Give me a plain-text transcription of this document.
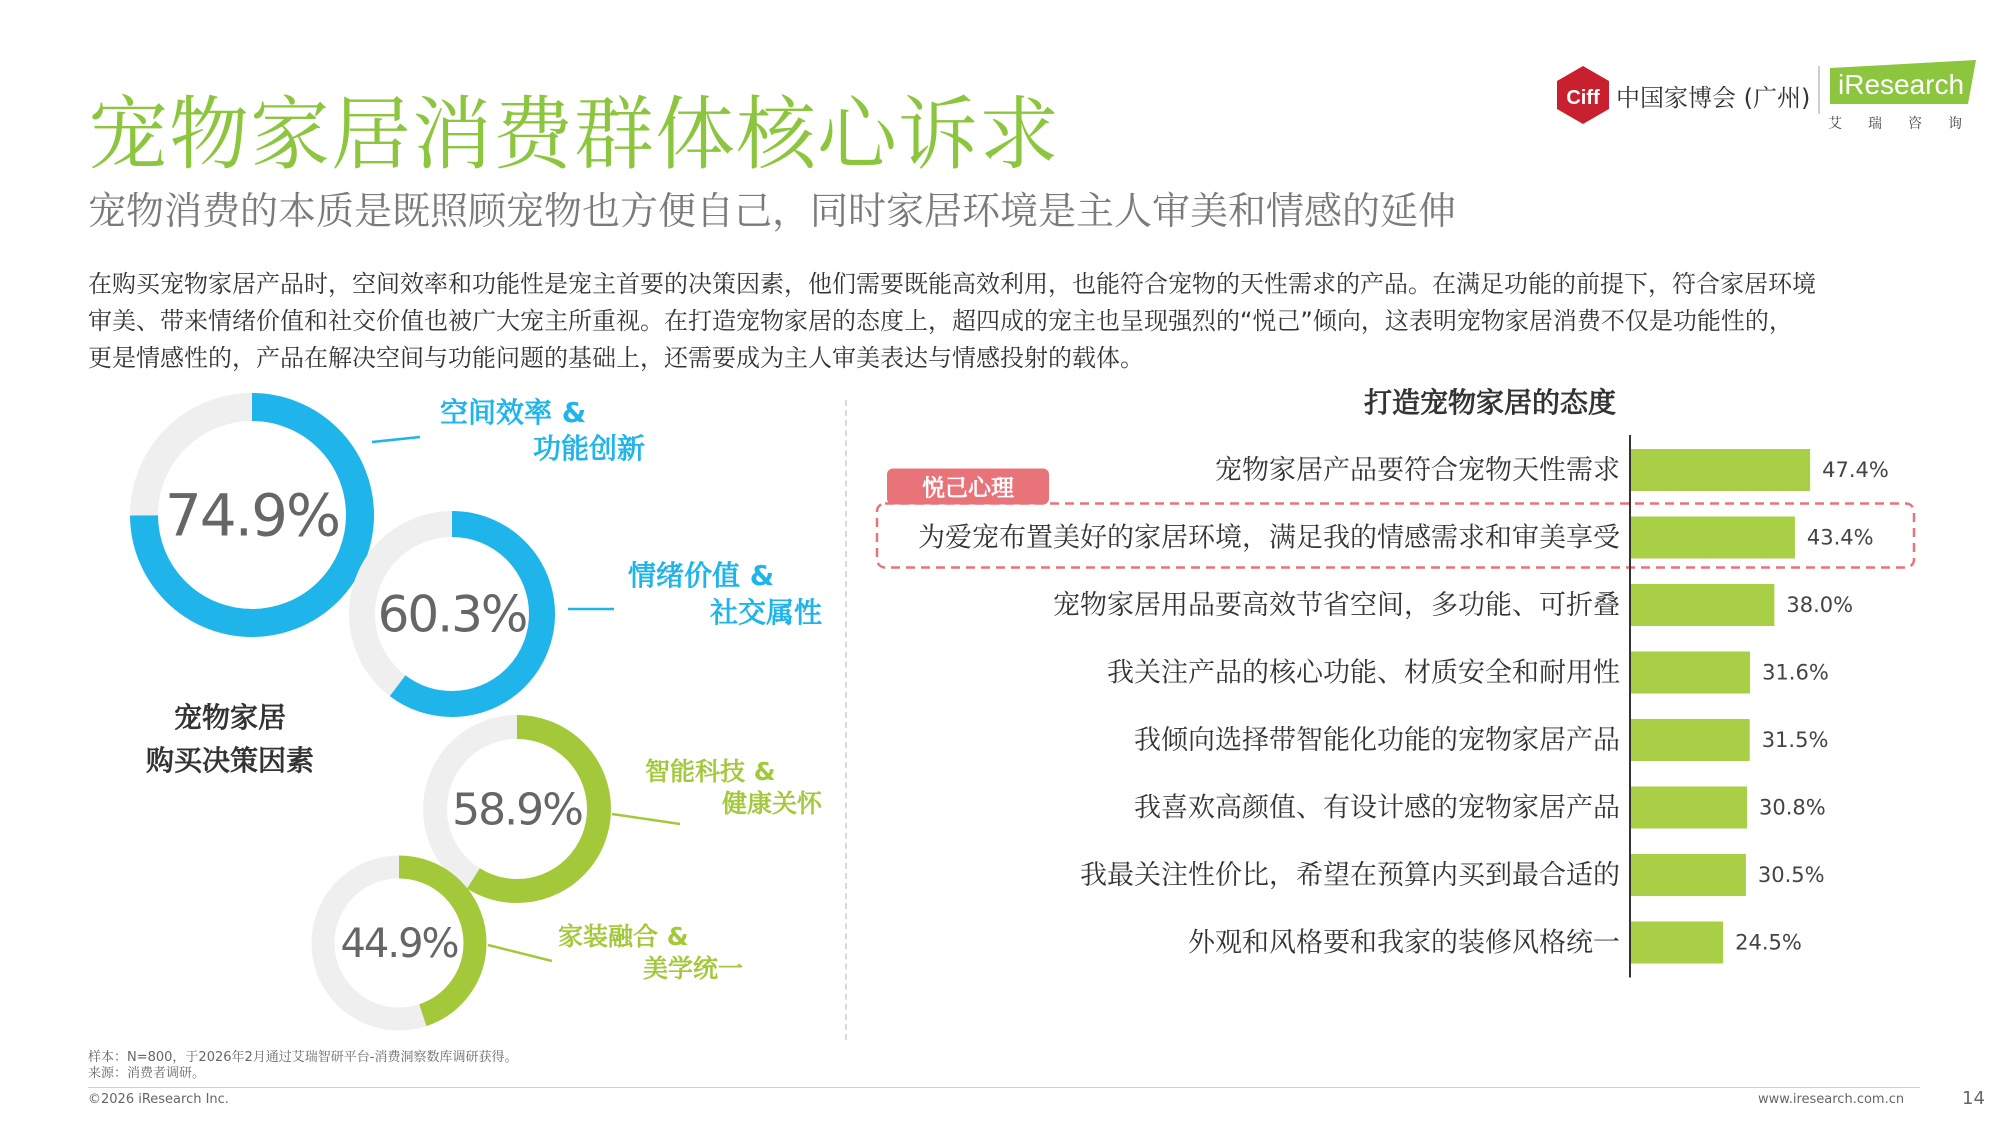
宠物家居消费群体核心诉求
宠物消费的本质是既照顾宠物也方便自己，同时家居环境是主人审美和情感的延伸
Ciff 中国家博会 (广州) iResearch
艾瑞咨询
在购买宠物家居产品时，空间效率和功能性是宠主首要的决策因素，他们需要既能高效利用，也能符合宠物的天性需求的产品。在满足功能的前提下，符合家居环境
审美、带来情绪价值和社交价值也被广大宠主所重视。在打造宠物家居的态度上，超四成的宠主也呈现强烈的“悦己”倾向，这表明宠物家居消费不仅是功能性的，
更是情感性的，产品在解决空间与功能问题的基础上，还需要成为主人审美表达与情感投射的载体。
74.9%
空间效率 &
功能创新
60.3%
情绪价值 &
社交属性
58.9%
智能科技 &
健康关怀
44.9%	家装融合 &
美学统一
宠物家居
购买决策因素
打造宠物家居的态度
悦己心理
宠物家居产品要符合宠物天性需求	47.4%
为爱宠布置美好的家居环境，满足我的情感需求和审美享受	43.4%
宠物家居用品要高效节省空间，多功能、可折叠	38.0%
我关注产品的核心功能、材质安全和耐用性	31.6%
我倾向选择带智能化功能的宠物家居产品	31.5%
我喜欢高颜值、有设计感的宠物家居产品	30.8%
我最关注性价比，希望在预算内买到最合适的	30.5%
外观和风格要和我家的装修风格统一	24.5%
样本：N=800，于2026年2月通过艾瑞智研平台-消费洞察数库调研获得。
来源：消费者调研。
©2026 iResearch Inc.	www.iresearch.com.cn	14
